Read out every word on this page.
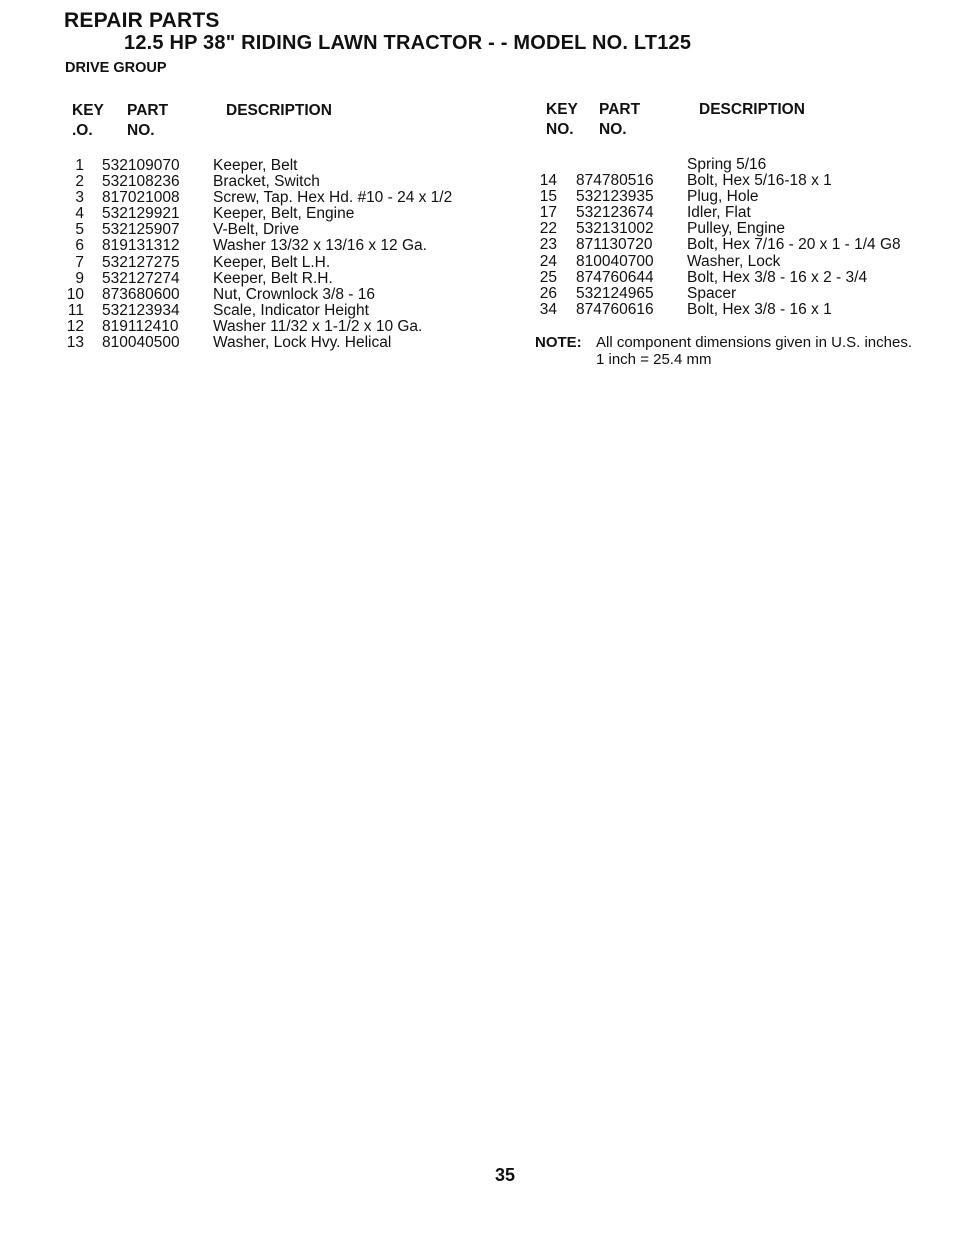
REPAIR PARTS
12.5 HP 38" RIDING LAWN TRACTOR - - MODEL NO. LT125
DRIVE GROUP
KEY
.O.
PART
NO.
DESCRIPTION	KEY
NO.
PART
NO.
DESCRIPTION
1 532109070 Keeper, Belt
2 532108236 Bracket, Switch
3 817021008 Screw, Tap. Hex Hd. #10 - 24 x 1/2
4 532129921 Keeper, Belt, Engine
5 532125907 V-Belt, Drive
6 819131312 Washer 13/32 x 13/16 x 12 Ga.
7 532127275 Keeper, Belt L.H.
9 532127274 Keeper, Belt R.H.
10 873680600 Nut, Crownlock 3/8 - 16
11 532123934 Scale, Indicator Height
12 819112410 Washer 11/32 x 1-1/2 x 10 Ga.
13 810040500 Washer, Lock Hvy. Helical
Spring 5/16
14 874780516 Bolt, Hex 5/16-18 x 1
15 532123935 Plug, Hole
17 532123674 Idler, Flat
22 532131002 Pulley, Engine
23 871130720 Bolt, Hex 7/16 - 20 x 1 - 1/4 G8
24 810040700 Washer, Lock
25 874760644 Bolt, Hex 3/8 - 16 x 2 - 3/4
26 532124965 Spacer
34 874760616 Bolt, Hex 3/8 - 16 x 1
NOTE: All component dimensions given in U.S. inches.
1 inch = 25.4 mm
35
